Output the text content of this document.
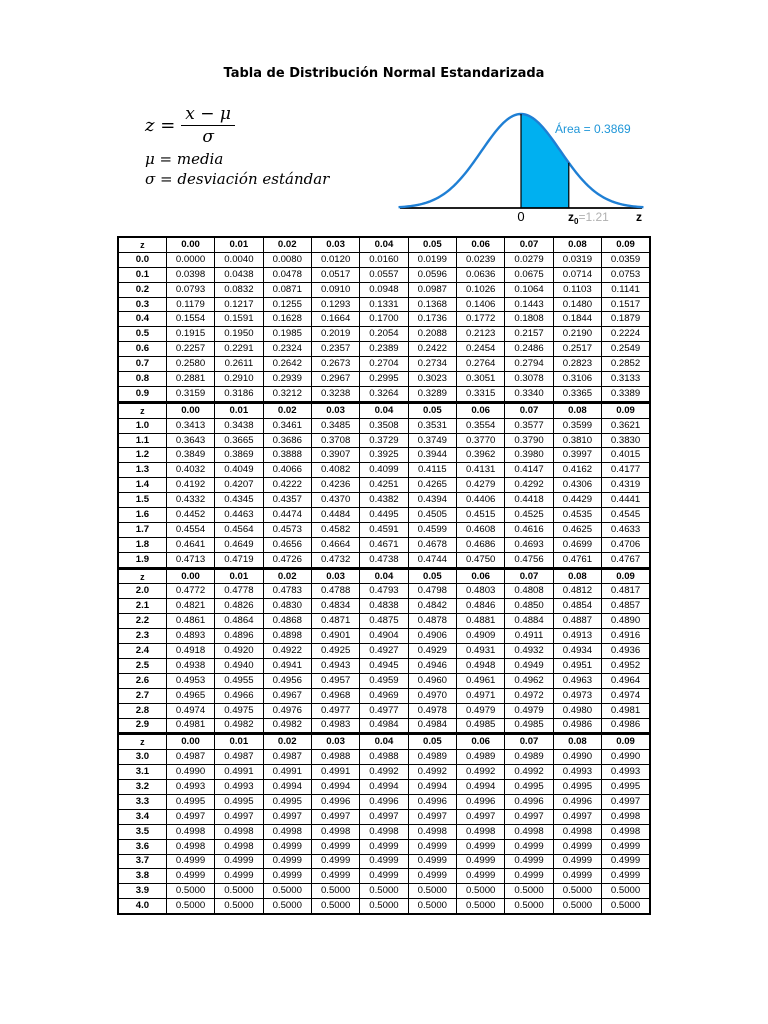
Tabla de Distribución Normal Estandarizada
$z = \frac{x - \mu}{\sigma}$
μ = media
σ = desviación estándar
Área = 0.3869
0	$z_0=1.21$ z
z	0.00	0.01	0.02	0.03	0.04	0.05	0.06	0.07	0.08	0.09
0.0	0.0000	0.0040	0.0080	0.0120	0.0160	0.0199	0.0239	0.0279	0.0319	0.0359
0.1	0.0398	0.0438	0.0478	0.0517	0.0557	0.0596	0.0636	0.0675	0.0714	0.0753
0.2	0.0793	0.0832	0.0871	0.0910	0.0948	0.0987	0.1026	0.1064	0.1103	0.1141
0.3	0.1179	0.1217	0.1255	0.1293	0.1331	0.1368	0.1406	0.1443	0.1480	0.1517
0.4	0.1554	0.1591	0.1628	0.1664	0.1700	0.1736	0.1772	0.1808	0.1844	0.1879
0.5	0.1915	0.1950	0.1985	0.2019	0.2054	0.2088	0.2123	0.2157	0.2190	0.2224
0.6	0.2257	0.2291	0.2324	0.2357	0.2389	0.2422	0.2454	0.2486	0.2517	0.2549
0.7	0.2580	0.2611	0.2642	0.2673	0.2704	0.2734	0.2764	0.2794	0.2823	0.2852
0.8	0.2881	0.2910	0.2939	0.2967	0.2995	0.3023	0.3051	0.3078	0.3106	0.3133
0.9	0.3159	0.3186	0.3212	0.3238	0.3264	0.3289	0.3315	0.3340	0.3365	0.3389
z	0.00	0.01	0.02	0.03	0.04	0.05	0.06	0.07	0.08	0.09
1.0	0.3413	0.3438	0.3461	0.3485	0.3508	0.3531	0.3554	0.3577	0.3599	0.3621
1.1	0.3643	0.3665	0.3686	0.3708	0.3729	0.3749	0.3770	0.3790	0.3810	0.3830
1.2	0.3849	0.3869	0.3888	0.3907	0.3925	0.3944	0.3962	0.3980	0.3997	0.4015
1.3	0.4032	0.4049	0.4066	0.4082	0.4099	0.4115	0.4131	0.4147	0.4162	0.4177
1.4	0.4192	0.4207	0.4222	0.4236	0.4251	0.4265	0.4279	0.4292	0.4306	0.4319
1.5	0.4332	0.4345	0.4357	0.4370	0.4382	0.4394	0.4406	0.4418	0.4429	0.4441
1.6	0.4452	0.4463	0.4474	0.4484	0.4495	0.4505	0.4515	0.4525	0.4535	0.4545
1.7	0.4554	0.4564	0.4573	0.4582	0.4591	0.4599	0.4608	0.4616	0.4625	0.4633
1.8	0.4641	0.4649	0.4656	0.4664	0.4671	0.4678	0.4686	0.4693	0.4699	0.4706
1.9	0.4713	0.4719	0.4726	0.4732	0.4738	0.4744	0.4750	0.4756	0.4761	0.4767
z	0.00	0.01	0.02	0.03	0.04	0.05	0.06	0.07	0.08	0.09
2.0	0.4772	0.4778	0.4783	0.4788	0.4793	0.4798	0.4803	0.4808	0.4812	0.4817
2.1	0.4821	0.4826	0.4830	0.4834	0.4838	0.4842	0.4846	0.4850	0.4854	0.4857
2.2	0.4861	0.4864	0.4868	0.4871	0.4875	0.4878	0.4881	0.4884	0.4887	0.4890
2.3	0.4893	0.4896	0.4898	0.4901	0.4904	0.4906	0.4909	0.4911	0.4913	0.4916
2.4	0.4918	0.4920	0.4922	0.4925	0.4927	0.4929	0.4931	0.4932	0.4934	0.4936
2.5	0.4938	0.4940	0.4941	0.4943	0.4945	0.4946	0.4948	0.4949	0.4951	0.4952
2.6	0.4953	0.4955	0.4956	0.4957	0.4959	0.4960	0.4961	0.4962	0.4963	0.4964
2.7	0.4965	0.4966	0.4967	0.4968	0.4969	0.4970	0.4971	0.4972	0.4973	0.4974
2.8	0.4974	0.4975	0.4976	0.4977	0.4977	0.4978	0.4979	0.4979	0.4980	0.4981
2.9	0.4981	0.4982	0.4982	0.4983	0.4984	0.4984	0.4985	0.4985	0.4986	0.4986
z	0.00	0.01	0.02	0.03	0.04	0.05	0.06	0.07	0.08	0.09
3.0	0.4987	0.4987	0.4987	0.4988	0.4988	0.4989	0.4989	0.4989	0.4990	0.4990
3.1	0.4990	0.4991	0.4991	0.4991	0.4992	0.4992	0.4992	0.4992	0.4993	0.4993
3.2	0.4993	0.4993	0.4994	0.4994	0.4994	0.4994	0.4994	0.4995	0.4995	0.4995
3.3	0.4995	0.4995	0.4995	0.4996	0.4996	0.4996	0.4996	0.4996	0.4996	0.4997
3.4	0.4997	0.4997	0.4997	0.4997	0.4997	0.4997	0.4997	0.4997	0.4997	0.4998
3.5	0.4998	0.4998	0.4998	0.4998	0.4998	0.4998	0.4998	0.4998	0.4998	0.4998
3.6	0.4998	0.4998	0.4999	0.4999	0.4999	0.4999	0.4999	0.4999	0.4999	0.4999
3.7	0.4999	0.4999	0.4999	0.4999	0.4999	0.4999	0.4999	0.4999	0.4999	0.4999
3.8	0.4999	0.4999	0.4999	0.4999	0.4999	0.4999	0.4999	0.4999	0.4999	0.4999
3.9	0.5000	0.5000	0.5000	0.5000	0.5000	0.5000	0.5000	0.5000	0.5000	0.5000
4.0	0.5000	0.5000	0.5000	0.5000	0.5000	0.5000	0.5000	0.5000	0.5000	0.5000
